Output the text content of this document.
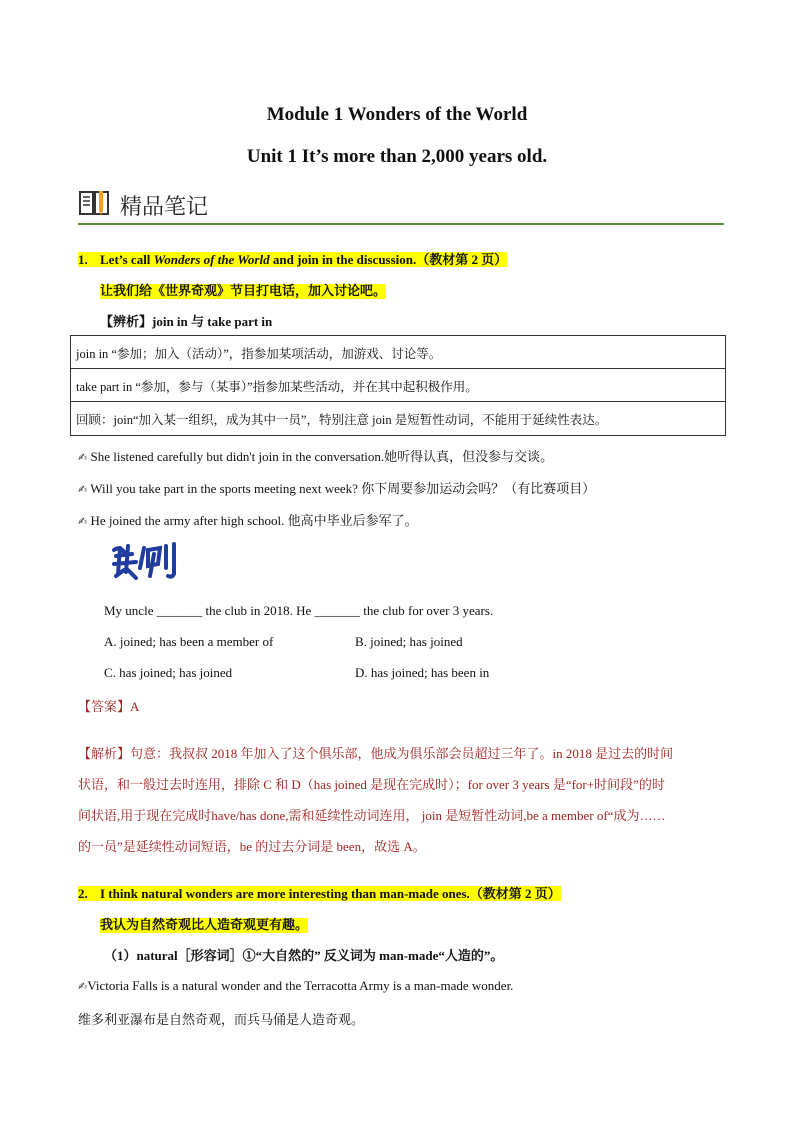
Module 1 Wonders of the World
Unit 1 It’s more than 2,000 years old.
精品笔记
1. Let’s call Wonders of the World and join in the discussion.（教材第 2 页）
让我们给《世界奇观》节目打电话，加入讨论吧。
【辨析】join in 与 take part in
join in “参加；加入（活动）”，指参加某项活动，加游戏、讨论等。
take part in “参加，参与（某事）”指参加某些活动，并在其中起积极作用。
回顾：join“加入某一组织，成为其中一员”，特别注意 join 是短暂性动词，不能用于延续性表达。
✍ She listened carefully but didn't join in the conversation.她听得认真，但没参与交谈。
✍ Will you take part in the sports meeting next week? 你下周要参加运动会吗？（有比赛项目）
✍ He joined the army after high school. 他高中毕业后参军了。
My uncle _______ the club in 2018. He _______ the club for over 3 years.
A. joined; has been a member of	B. joined; has joined
C. has joined; has joined	D. has joined; has been in
【答案】A
【解析】句意：我叔叔 2018 年加入了这个俱乐部，他成为俱乐部会员超过三年了。in 2018 是过去的时间
状语，和一般过去时连用，排除 C 和 D（has joined 是现在完成时）；for over 3 years 是“for+时间段”的时
间状语,用于现在完成时have/has done,需和延续性动词连用， join 是短暂性动词,be a member of“成为……
的一员”是延续性动词短语，be 的过去分词是 been，故选 A。
2. I think natural wonders are more interesting than man-made ones.（教材第 2 页）
我认为自然奇观比人造奇观更有趣。
（1）natural［形容词］①“大自然的” 反义词为 man-made“人造的”。
✍Victoria Falls is a natural wonder and the Terracotta Army is a man-made wonder.
维多利亚瀑布是自然奇观，而兵马俑是人造奇观。
